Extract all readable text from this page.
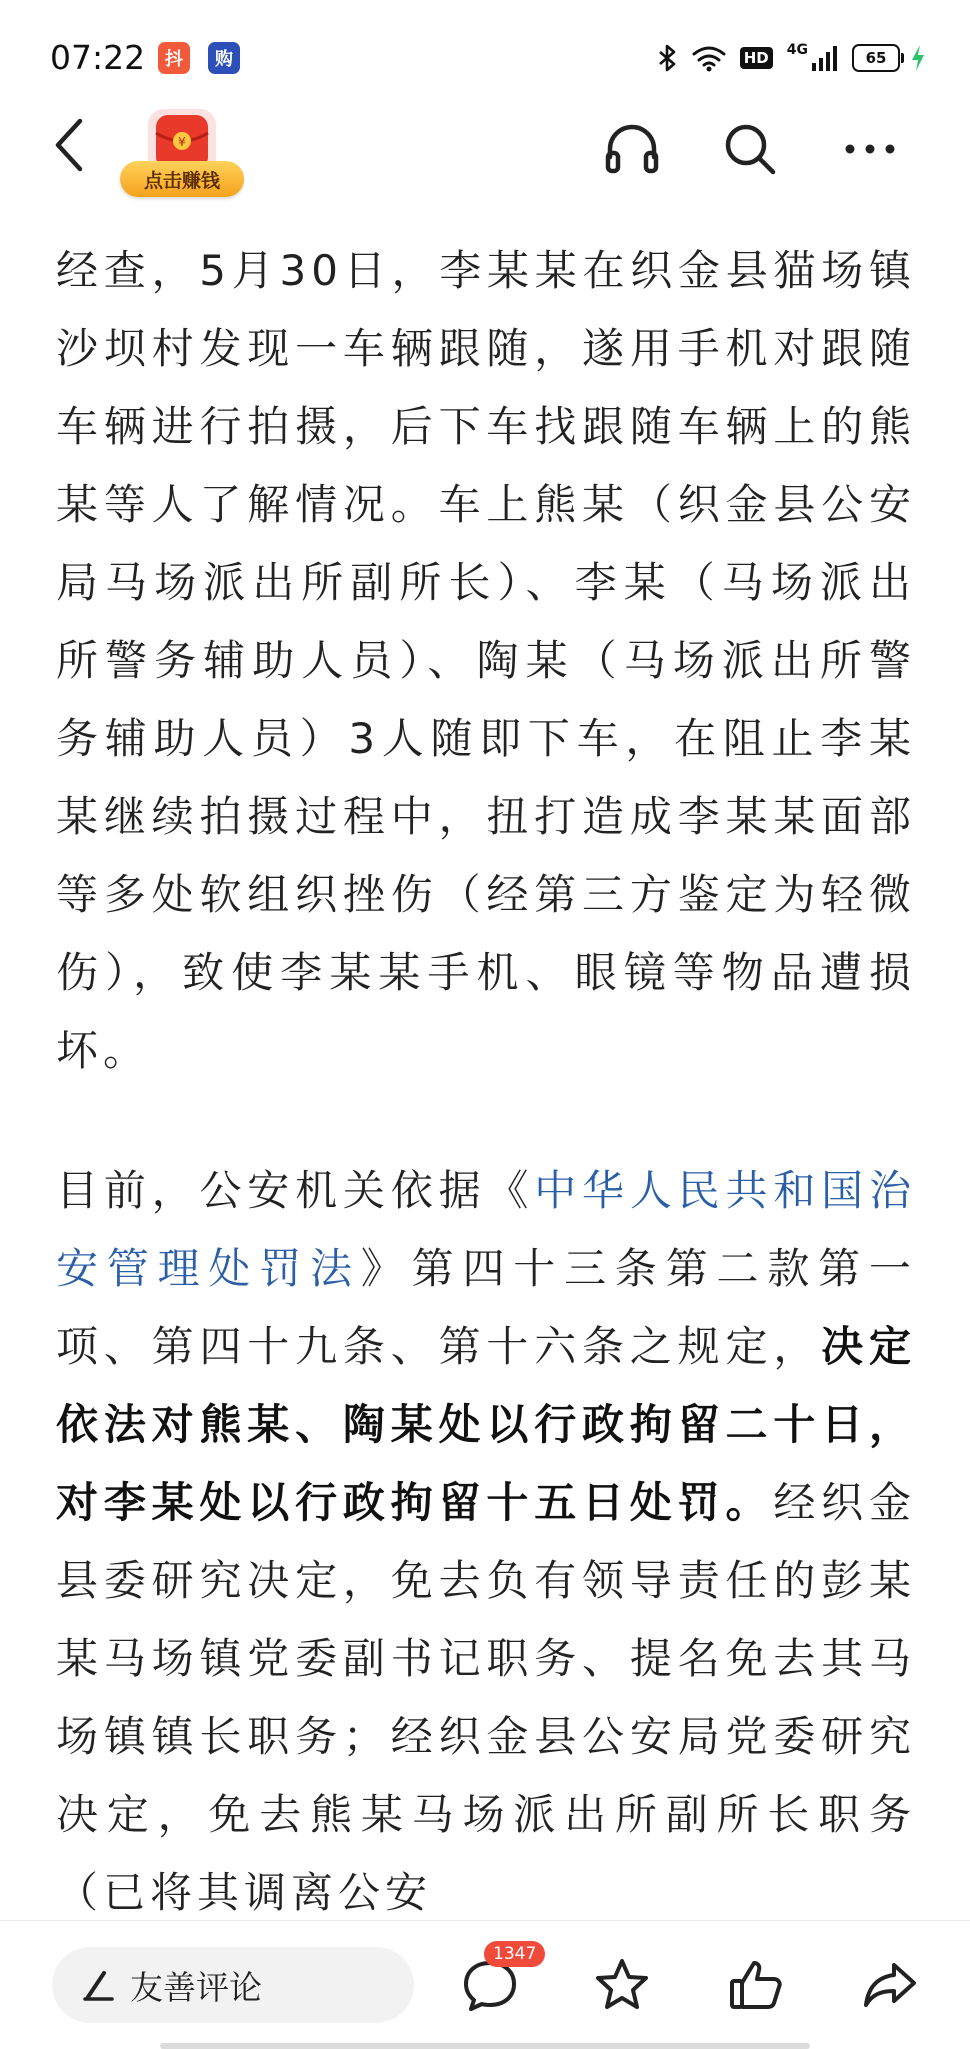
07:22	抖	购	HD 4G	65
¥
点击赚钱

经查，5月30日，李某某在织金县猫场镇沙坝村发现一车辆跟随，遂用手机对跟随车辆进行拍摄，后下车找跟随车辆上的熊某等人了解情况。车上熊某（织金县公安局马场派出所副所长）、李某（马场派出所警务辅助人员）、陶某（马场派出所警务辅助人员）3人随即下车，在阻止李某某继续拍摄过程中，扭打造成李某某面部等多处软组织挫伤（经第三方鉴定为轻微伤），致使李某某手机、眼镜等物品遭损坏。

目前，公安机关依据《中华人民共和国治安管理处罚法》第四十三条第二款第一项、第四十九条、第十六条之规定，决定依法对熊某、陶某处以行政拘留二十日，对李某处以行政拘留十五日处罚。经织金县委研究决定，免去负有领导责任的彭某某马场镇党委副书记职务、提名免去其马场镇镇长职务；经织金县公安局党委研究决定，免去熊某马场派出所副所长职务（已将其调离公安

友善评论
1347
